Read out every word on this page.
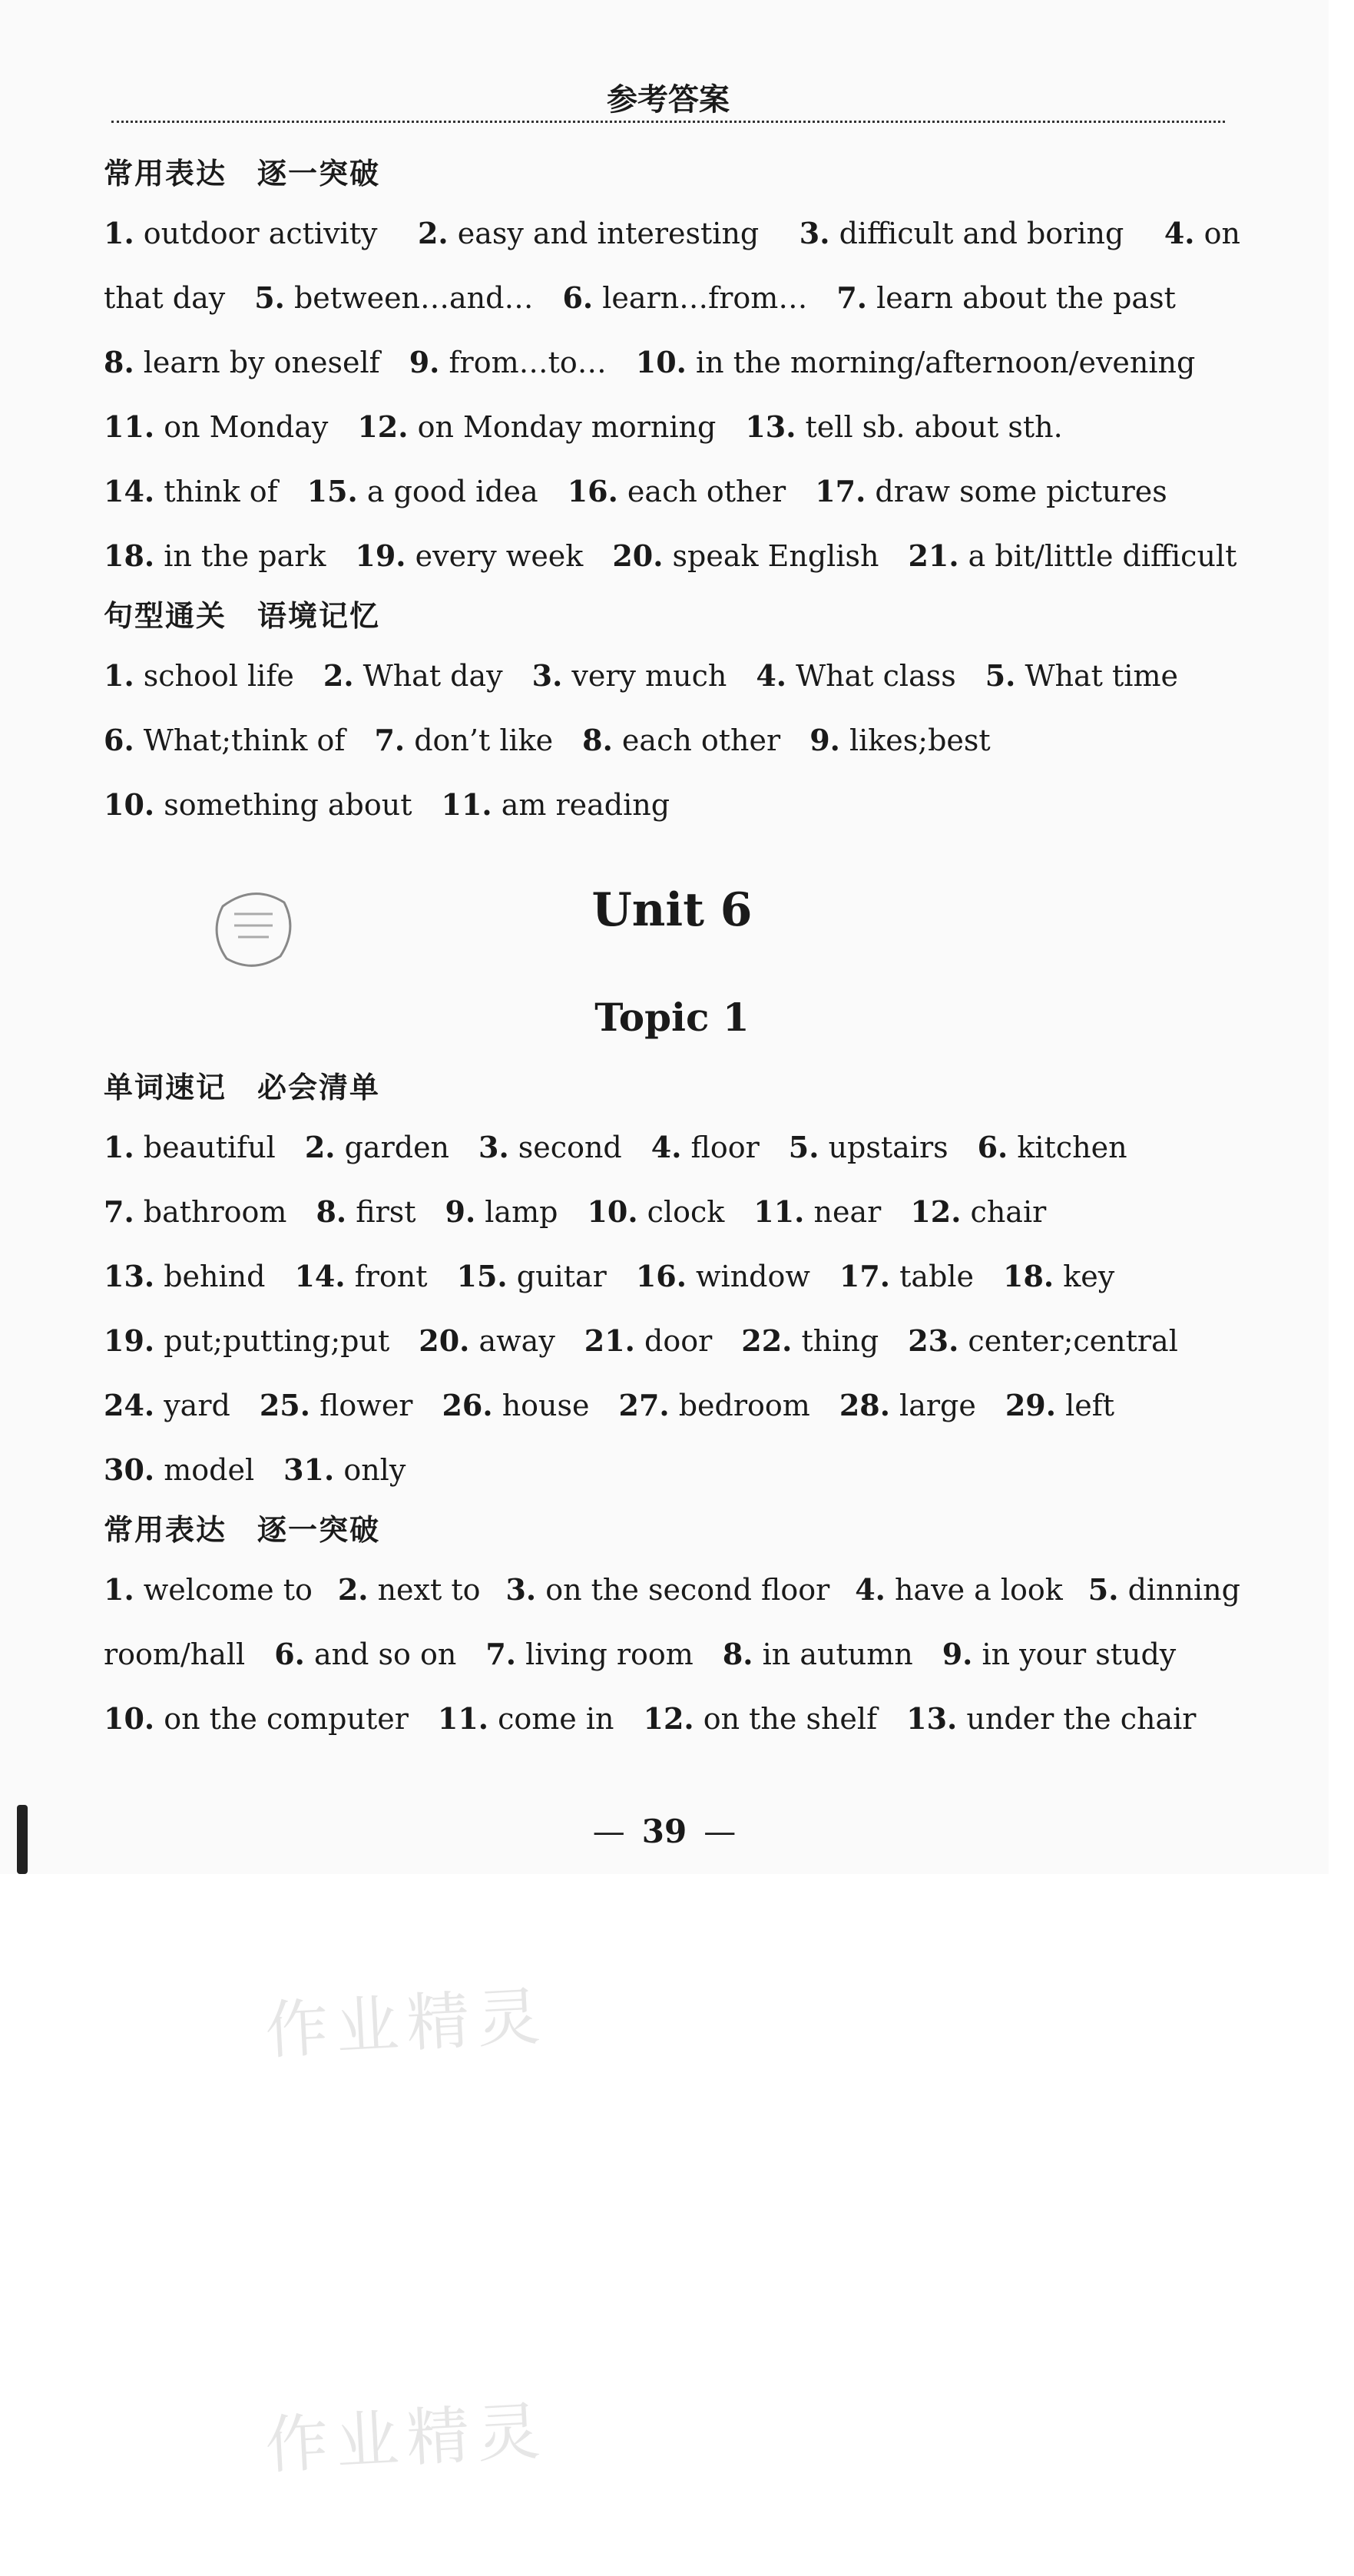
参考答案
常用表达　逐一突破
1. outdoor activity 2. easy and interesting 3. difficult and boring 4. on
that day 5. between…and… 6. learn…from… 7. learn about the past
8. learn by oneself 9. from…to… 10. in the morning/afternoon/evening
11. on Monday 12. on Monday morning 13. tell sb. about sth.
14. think of 15. a good idea 16. each other 17. draw some pictures
18. in the park 19. every week 20. speak English 21. a bit/little difficult
句型通关　语境记忆
1. school life 2. What day 3. very much 4. What class 5. What time
6. What;think of 7. don’t like 8. each other 9. likes;best
10. something about 11. am reading
Unit 6
Topic 1
单词速记　必会清单
1. beautiful 2. garden 3. second 4. floor 5. upstairs 6. kitchen
7. bathroom 8. first 9. lamp 10. clock 11. near 12. chair
13. behind 14. front 15. guitar 16. window 17. table 18. key
19. put;putting;put 20. away 21. door 22. thing 23. center;central
24. yard 25. flower 26. house 27. bedroom 28. large 29. left
30. model 31. only
常用表达　逐一突破
1. welcome to 2. next to 3. on the second floor 4. have a look 5. dinning
room/hall 6. and so on 7. living room 8. in autumn 9. in your study
10. on the computer 11. come in 12. on the shelf 13. under the chair
— 39 —
作业精灵
作业精灵
